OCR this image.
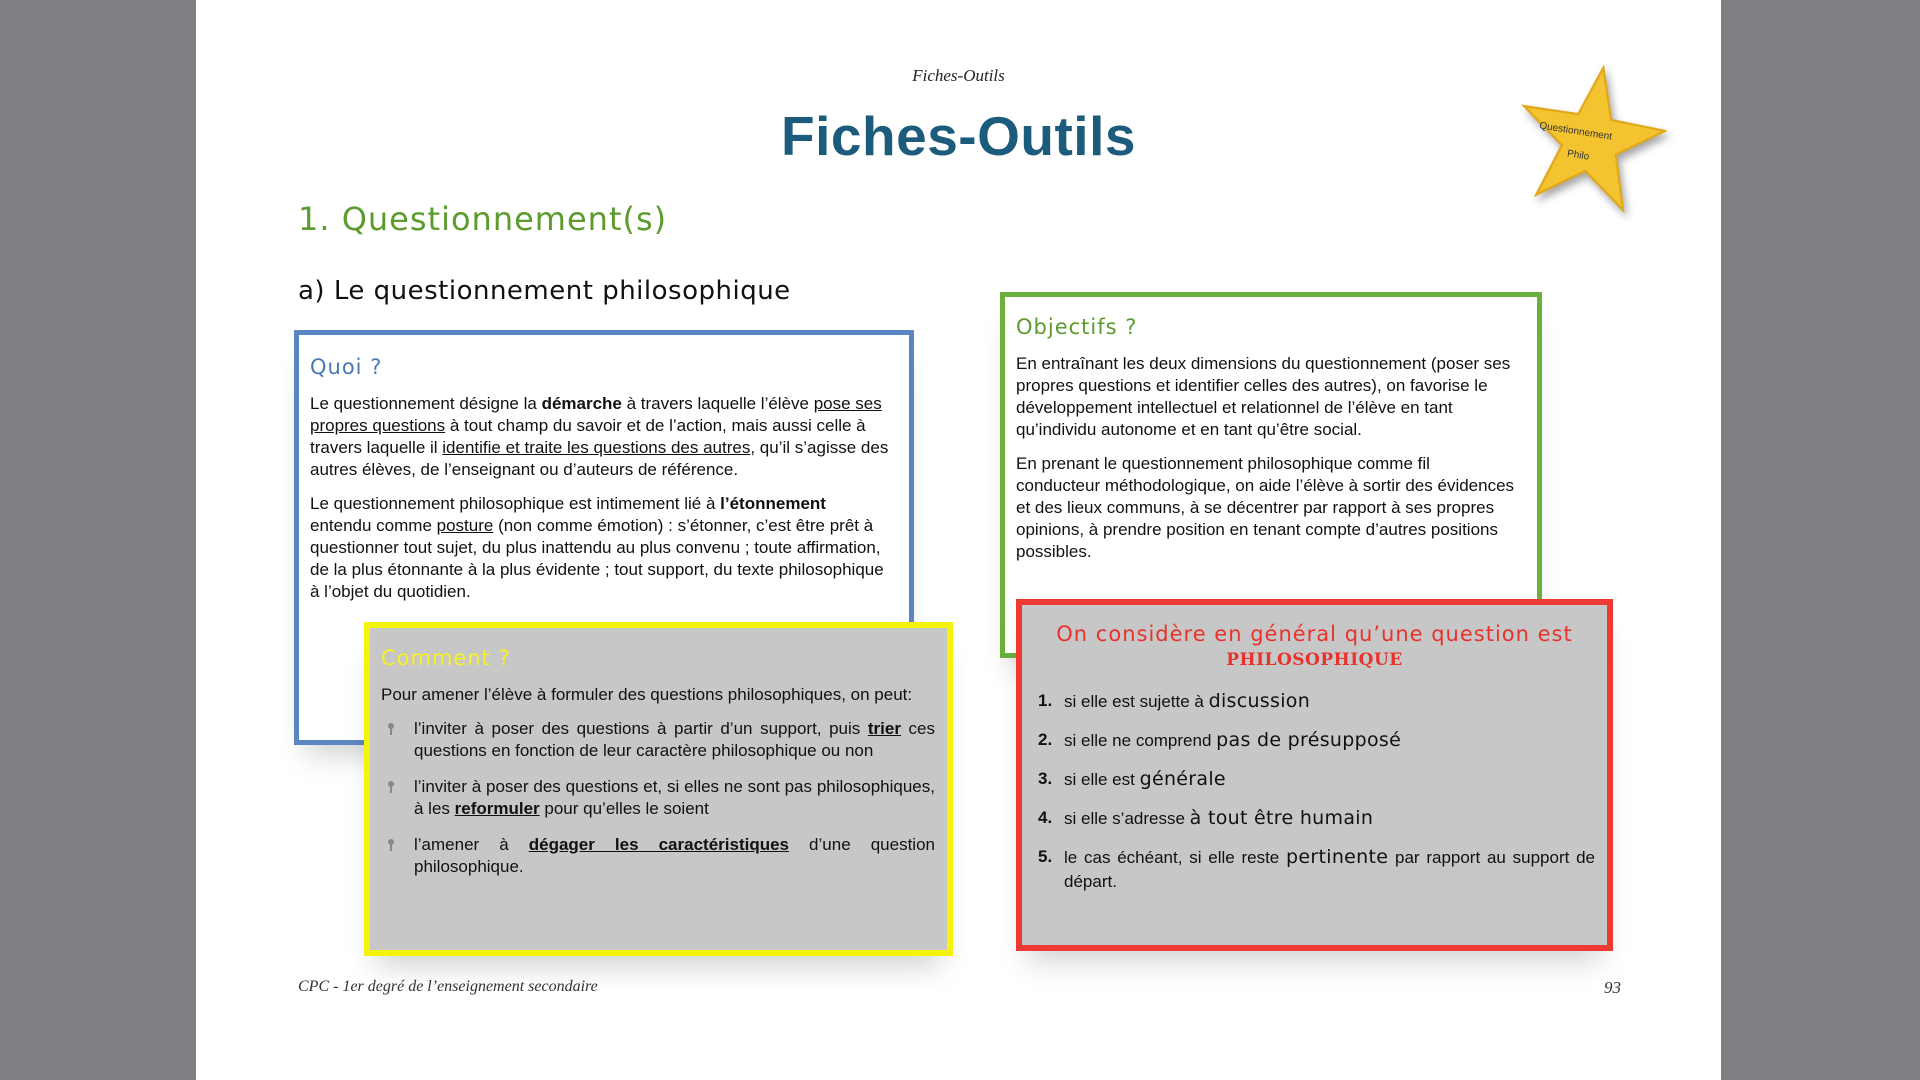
Fiches-Outils
Fiches-Outils	Questionnement
Philo
1. Questionnement(s)
a) Le questionnement philosophique
Quoi ?

Le questionnement désigne la démarche à travers laquelle l’élève pose ses propres questions à tout champ du savoir et de l’action, mais aussi celle à travers laquelle il identifie et traite les questions des autres, qu’il s’agisse des autres élèves, de l’enseignant ou d’auteurs de référence.

Le questionnement philosophique est intimement lié à l’étonnement entendu comme posture (non comme émotion) : s’étonner, c’est être prêt à questionner tout sujet, du plus inattendu au plus convenu ; toute affirmation, de la plus étonnante à la plus évidente ; tout support, du texte philosophique à l’objet du quotidien.

Objectifs ?

En entraînant les deux dimensions du questionnement (poser ses propres questions et identifier celles des autres), on favorise le développement intellectuel et relationnel de l’élève en tant qu’individu autonome et en tant qu’être social.

En prenant le questionnement philosophique comme fil conducteur méthodologique, on aide l’élève à sortir des évidences et des lieux communs, à se décentrer par rapport à ses propres opinions, à prendre position en tenant compte d’autres positions possibles.

Comment ?

Pour amener l’élève à formuler des questions philosophiques, on peut:

l’inviter à poser des questions à partir d’un support, puis trier ces questions en fonction de leur caractère philosophique ou non
l’inviter à poser des questions et, si elles ne sont pas philosophiques, à les reformuler pour qu’elles le soient
l’amener à dégager les caractéristiques d’une question philosophique.
On considère en général qu’une question est
PHILOSOPHIQUE
1. si elle est sujette à discussion
2. si elle ne comprend pas de présupposé
3. si elle est générale
4. si elle s’adresse à tout être humain
5. le cas échéant, si elle reste pertinente par rapport au support de départ.
CPC - 1er degré de l’enseignement secondaire	93
